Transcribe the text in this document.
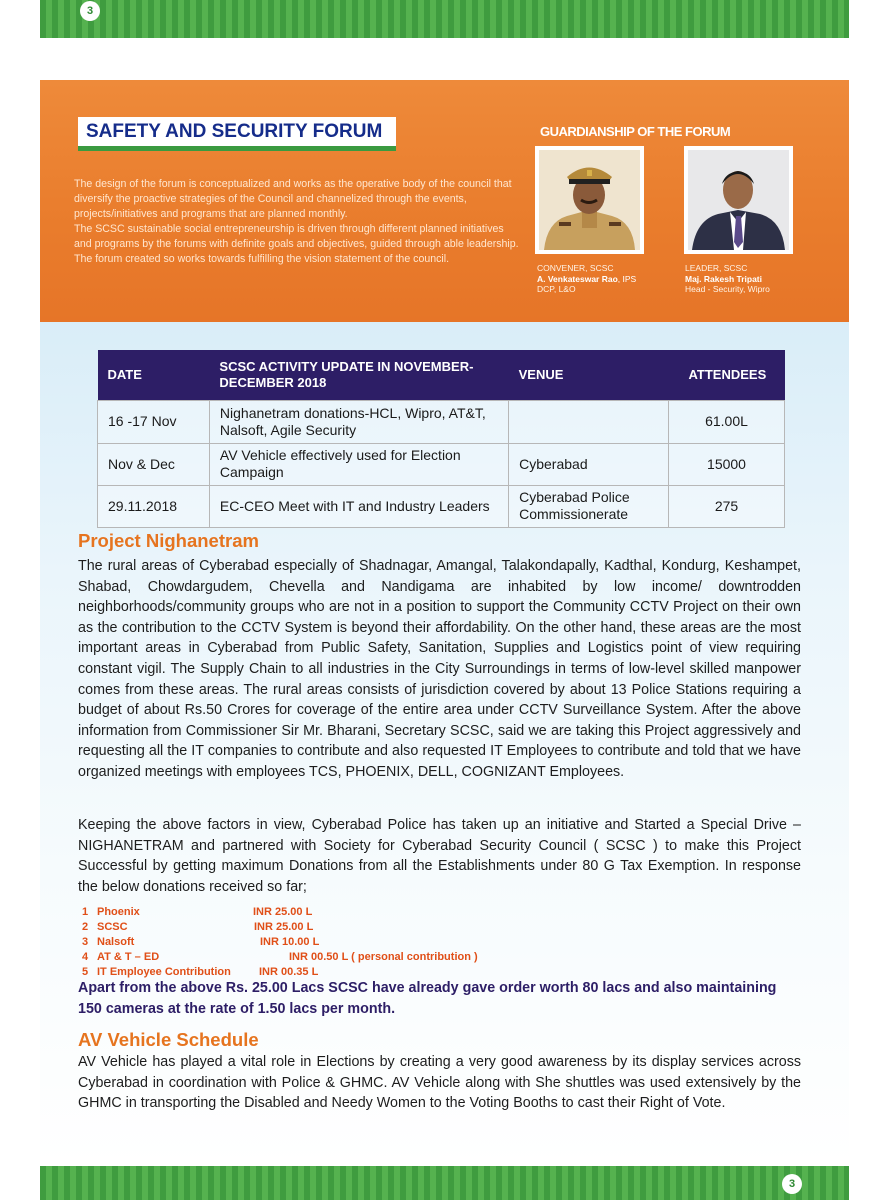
3
SAFETY AND SECURITY FORUM

The design of the forum is conceptualized and works as the operative body of the council that diversify the proactive strategies of the Council and channelized through the events, projects/initiatives and programs that are planned monthly.

The SCSC sustainable social entrepreneurship is driven through different planned initiatives and programs by the forums with definite goals and objectives, guided through able leadership. The forum created so works towards fulfilling the vision statement of the council.

GUARDIANSHIP OF THE FORUM
CONVENER, SCSC
A. Venkateswar Rao, IPS
DCP, L&O
LEADER, SCSC
Maj. Rakesh Tripati
Head - Security, Wipro
DATE	SCSC ACTIVITY UPDATE IN NOVEMBER-DECEMBER 2018	VENUE	ATTENDEES
16 -17 Nov	Nighanetram donations-HCL, Wipro, AT&T, Nalsoft, Agile Security		61.00L
Nov & Dec	AV Vehicle effectively used for Election Campaign	Cyberabad	15000
29.11.2018	EC-CEO Meet with IT and Industry Leaders	Cyberabad Police Commissionerate	275
Project Nighanetram
The rural areas of Cyberabad especially of Shadnagar, Amangal, Talakondapally, Kadthal, Kondurg, Keshampet, Shabad, Chowdargudem, Chevella and Nandigama are inhabited by low income/ downtrodden neighborhoods/community groups who are not in a position to support the Community CCTV Project on their own as the contribution to the CCTV System is beyond their affordability. On the other hand, these areas are the most important areas in Cyberabad from Public Safety, Sanitation, Supplies and Logistics point of view requiring constant vigil. The Supply Chain to all industries in the City Surroundings in terms of low-level skilled manpower comes from these areas. The rural areas consists of jurisdiction covered by about 13 Police Stations requiring a budget of about Rs.50 Crores for coverage of the entire area under CCTV Surveillance System. After the above information from Commissioner Sir Mr. Bharani, Secretary SCSC, said we are taking this Project aggressively and requesting all the IT companies to contribute and also requested IT Employees to contribute and told that we have organized meetings with employees TCS, PHOENIX, DELL, COGNIZANT Employees.
Keeping the above factors in view, Cyberabad Police has taken up an initiative and Started a Special Drive – NIGHANETRAM and partnered with Society for Cyberabad Security Council ( SCSC ) to make this Project Successful by getting maximum Donations from all the Establishments under 80 G Tax Exemption. In response the below donations received so far;
1 Phoenix	INR 25.00 L
2 SCSC	INR 25.00 L
3 Nalsoft	INR 10.00 L
4 AT & T – ED	INR 00.50 L ( personal contribution )
5 IT Employee Contribution	INR 00.35 L
Apart from the above Rs. 25.00 Lacs SCSC have already gave order worth 80 lacs and also maintaining 150 cameras at the rate of 1.50 lacs per month.
AV Vehicle Schedule
AV Vehicle has played a vital role in Elections by creating a very good awareness by its display services across Cyberabad in coordination with Police & GHMC. AV Vehicle along with She shuttles was used extensively by the GHMC in transporting the Disabled and Needy Women to the Voting Booths to cast their Right of Vote.
3
